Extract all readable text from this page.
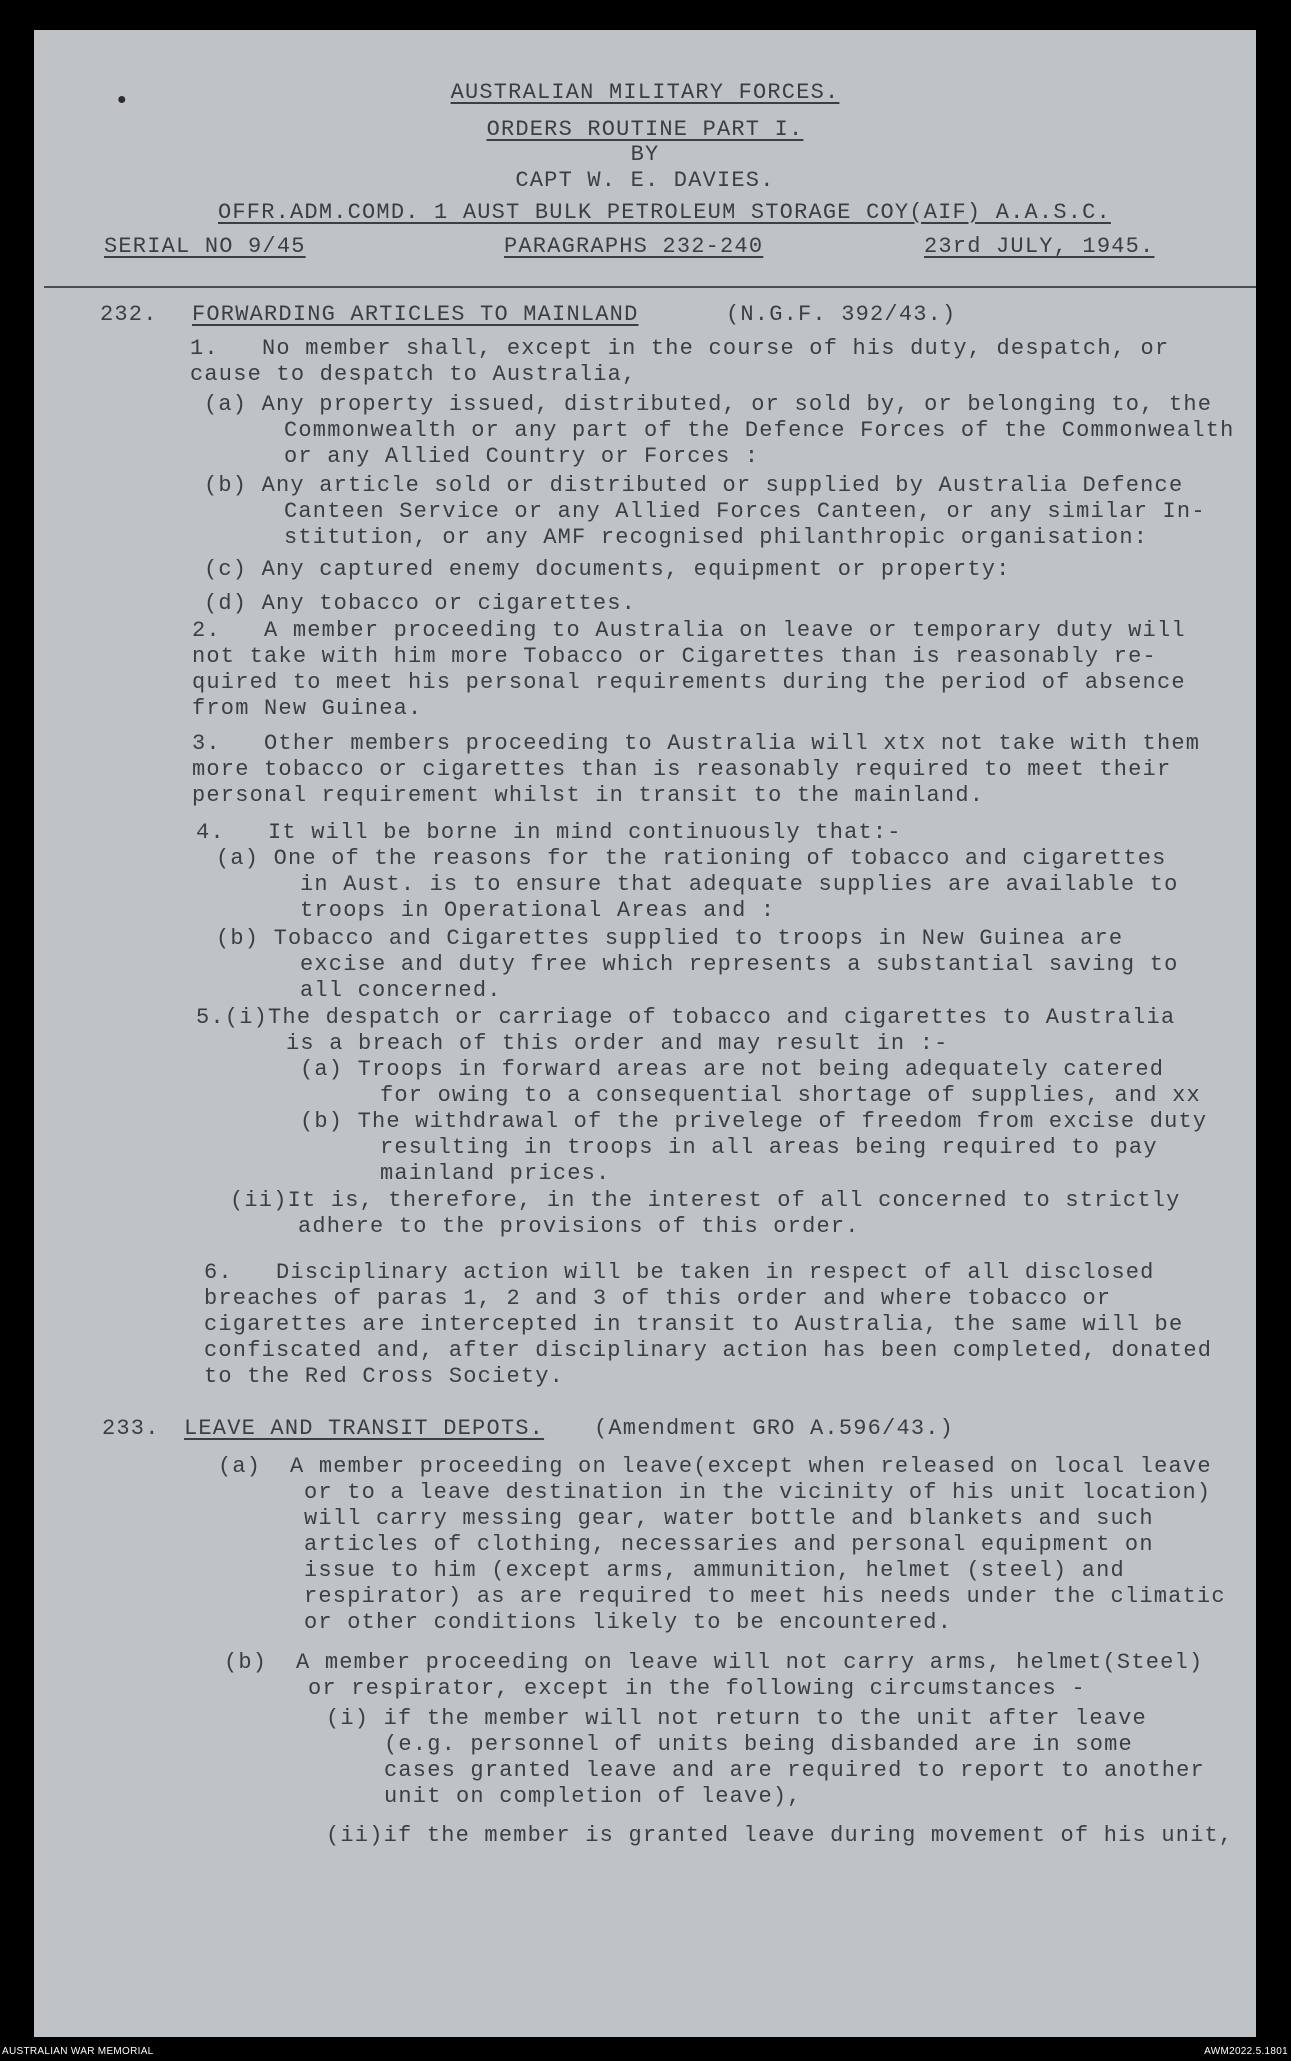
•	AUSTRALIAN MILITARY FORCES.
ORDERS ROUTINE PART I.
BY
CAPT W. E. DAVIES.
OFFR.ADM.COMD. 1 AUST BULK PETROLEUM STORAGE COY(AIF) A.A.S.C.
SERIAL NO 9/45	PARAGRAPHS 232-240	23rd JULY, 1945.
232. FORWARDING ARTICLES TO MAINLAND	(N.G.F. 392/43.)
1.   No member shall, except in the course of his duty, despatch, or
cause to despatch to Australia,
(a) Any property issued, distributed, or sold by, or belonging to, the
Commonwealth or any part of the Defence Forces of the Commonwealth
or any Allied Country or Forces :
(b) Any article sold or distributed or supplied by Australia Defence
Canteen Service or any Allied Forces Canteen, or any similar In-
stitution, or any AMF recognised philanthropic organisation:
(c) Any captured enemy documents, equipment or property:
(d) Any tobacco or cigarettes.
2.   A member proceeding to Australia on leave or temporary duty will
not take with him more Tobacco or Cigarettes than is reasonably re-
quired to meet his personal requirements during the period of absence
from New Guinea.
3.   Other members proceeding to Australia will xtx not take with them
more tobacco or cigarettes than is reasonably required to meet their
personal requirement whilst in transit to the mainland.
4.   It will be borne in mind continuously that:-
(a) One of the reasons for the rationing of tobacco and cigarettes
in Aust. is to ensure that adequate supplies are available to
troops in Operational Areas and :
(b) Tobacco and Cigarettes supplied to troops in New Guinea are
excise and duty free which represents a substantial saving to
all concerned.
5.(i)The despatch or carriage of tobacco and cigarettes to Australia
is a breach of this order and may result in :-
(a) Troops in forward areas are not being adequately catered
for owing to a consequential shortage of supplies, and xx
(b) The withdrawal of the privelege of freedom from excise duty
resulting in troops in all areas being required to pay
mainland prices.
(ii)It is, therefore, in the interest of all concerned to strictly
adhere to the provisions of this order.
6.   Disciplinary action will be taken in respect of all disclosed
breaches of paras 1, 2 and 3 of this order and where tobacco or
cigarettes are intercepted in transit to Australia, the same will be
confiscated and, after disciplinary action has been completed, donated
to the Red Cross Society.
233. LEAVE AND TRANSIT DEPOTS. (Amendment GRO A.596/43.)
(a)  A member proceeding on leave(except when released on local leave
or to a leave destination in the vicinity of his unit location)
will carry messing gear, water bottle and blankets and such
articles of clothing, necessaries and personal equipment on
issue to him (except arms, ammunition, helmet (steel) and
respirator) as are required to meet his needs under the climatic
or other conditions likely to be encountered.
(b)  A member proceeding on leave will not carry arms, helmet(Steel)
or respirator, except in the following circumstances -
(i) if the member will not return to the unit after leave
(e.g. personnel of units being disbanded are in some
cases granted leave and are required to report to another
unit on completion of leave),
(ii)if the member is granted leave during movement of his unit,
AUSTRALIAN WAR MEMORIAL	AWM2022.5.1801
